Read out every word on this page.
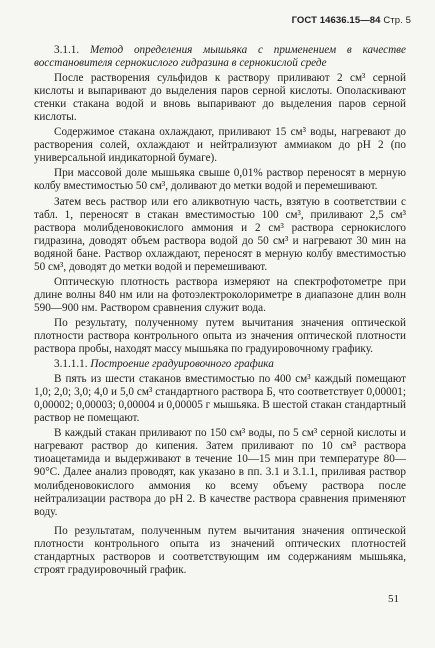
ГОСТ 14636.15—84 Стр. 5

3.1.1. Метод определения мышьяка с применением в качестве восстановителя сернокислого гидразина в сернокислой среде

После растворения сульфидов к раствору приливают 2 см³ серной кислоты и выпаривают до выделения паров серной кислоты. Ополаскивают стенки стакана водой и вновь выпаривают до выделения паров серной кислоты.

Содержимое стакана охлаждают, приливают 15 см³ воды, нагревают до растворения солей, охлаждают и нейтрализуют аммиаком до рН 2 (по универсальной индикаторной бумаге).

При массовой доле мышьяка свыше 0,01% раствор переносят в мерную колбу вместимостью 50 см³, доливают до метки водой и перемешивают.

Затем весь раствор или его аликвотную часть, взятую в соответствии с табл. 1, переносят в стакан вместимостью 100 см³, приливают 2,5 см³ раствора молибденовокислого аммония и 2 см³ раствора сернокислого гидразина, доводят объем раствора водой до 50 см³ и нагревают 30 мин на водяной бане. Раствор охлаждают, переносят в мерную колбу вместимостью 50 см³, доводят до метки водой и перемешивают.

Оптическую плотность раствора измеряют на спектрофотометре при длине волны 840 нм или на фотоэлектроколориметре в диапазоне длин волн 590—900 нм. Раствором сравнения служит вода.

По результату, полученному путем вычитания значения оптической плотности раствора контрольного опыта из значения оптической плотности раствора пробы, находят массу мышьяка по градуировочному графику.

3.1.1.1. Построение градуировочного графика

В пять из шести стаканов вместимостью по 400 см³ каждый помещают 1,0; 2,0; 3,0; 4,0 и 5,0 см³ стандартного раствора Б, что соответствует 0,00001; 0,00002; 0,00003; 0,00004 и 0,00005 г мышьяка. В шестой стакан стандартный раствор не помещают.

В каждый стакан приливают по 150 см³ воды, по 5 см³ серной кислоты и нагревают раствор до кипения. Затем приливают по 10 см³ раствора тиоацетамида и выдерживают в течение 10—15 мин при температуре 80—90°С. Далее анализ проводят, как указано в пп. 3.1 и 3.1.1, приливая раствор молибденовокислого аммония ко всему объему раствора после нейтрализации раствора до рН 2. В качестве раствора сравнения применяют воду.

По результатам, полученным путем вычитания значения оптической плотности контрольного опыта из значений оптических плотностей стандартных растворов и соответствующим им содержаниям мышьяка, строят градуировочный график.

51
